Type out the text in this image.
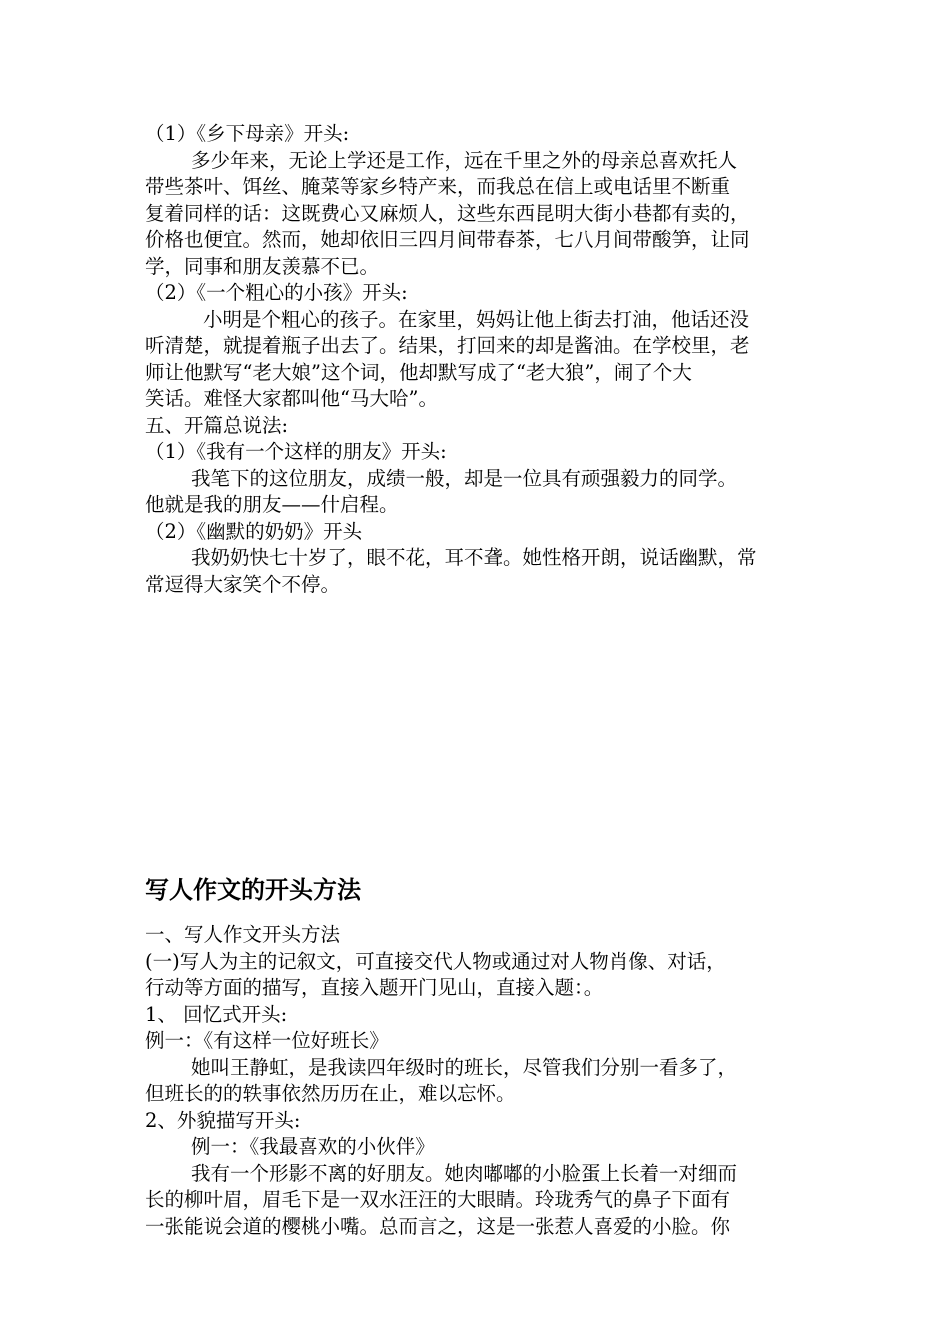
（1）《乡下母亲》开头:

多少年来，无论上学还是工作，远在千里之外的母亲总喜欢托人

带些茶叶、饵丝、腌菜等家乡特产来，而我总在信上或电话里不断重

复着同样的话：这既费心又麻烦人，这些东西昆明大街小巷都有卖的，

价格也便宜。然而，她却依旧三四月间带春茶，七八月间带酸笋，让同

学，同事和朋友羡慕不已。

（2）《一个粗心的小孩》开头:

小明是个粗心的孩子。在家里，妈妈让他上街去打油，他话还没

听清楚，就提着瓶子出去了。结果，打回来的却是酱油。在学校里，老

师让他默写“老大娘”这个词，他却默写成了“老大狼”，闹了个大

笑话。难怪大家都叫他“马大哈”。

五、开篇总说法:

（1）《我有一个这样的朋友》开头:

我笔下的这位朋友，成绩一般，却是一位具有顽强毅力的同学。

他就是我的朋友——什启程。

（2）《幽默的奶奶》开头

我奶奶快七十岁了，眼不花，耳不聋。她性格开朗，说话幽默，常

常逗得大家笑个不停。

写人作文的开头方法

一、写人作文开头方法

(一)写人为主的记叙文，可直接交代人物或通过对人物肖像、对话，

行动等方面的描写，直接入题开门见山，直接入题：。

1、 回忆式开头:

例一：《有这样一位好班长》

她叫王静虹，是我读四年级时的班长，尽管我们分别一看多了，

但班长的的轶事依然历历在止，难以忘怀。

2、外貌描写开头:

例一：《我最喜欢的小伙伴》

我有一个形影不离的好朋友。她肉嘟嘟的小脸蛋上长着一对细而

长的柳叶眉，眉毛下是一双水汪汪的大眼睛。玲珑秀气的鼻子下面有

一张能说会道的樱桃小嘴。总而言之，这是一张惹人喜爱的小脸。你
